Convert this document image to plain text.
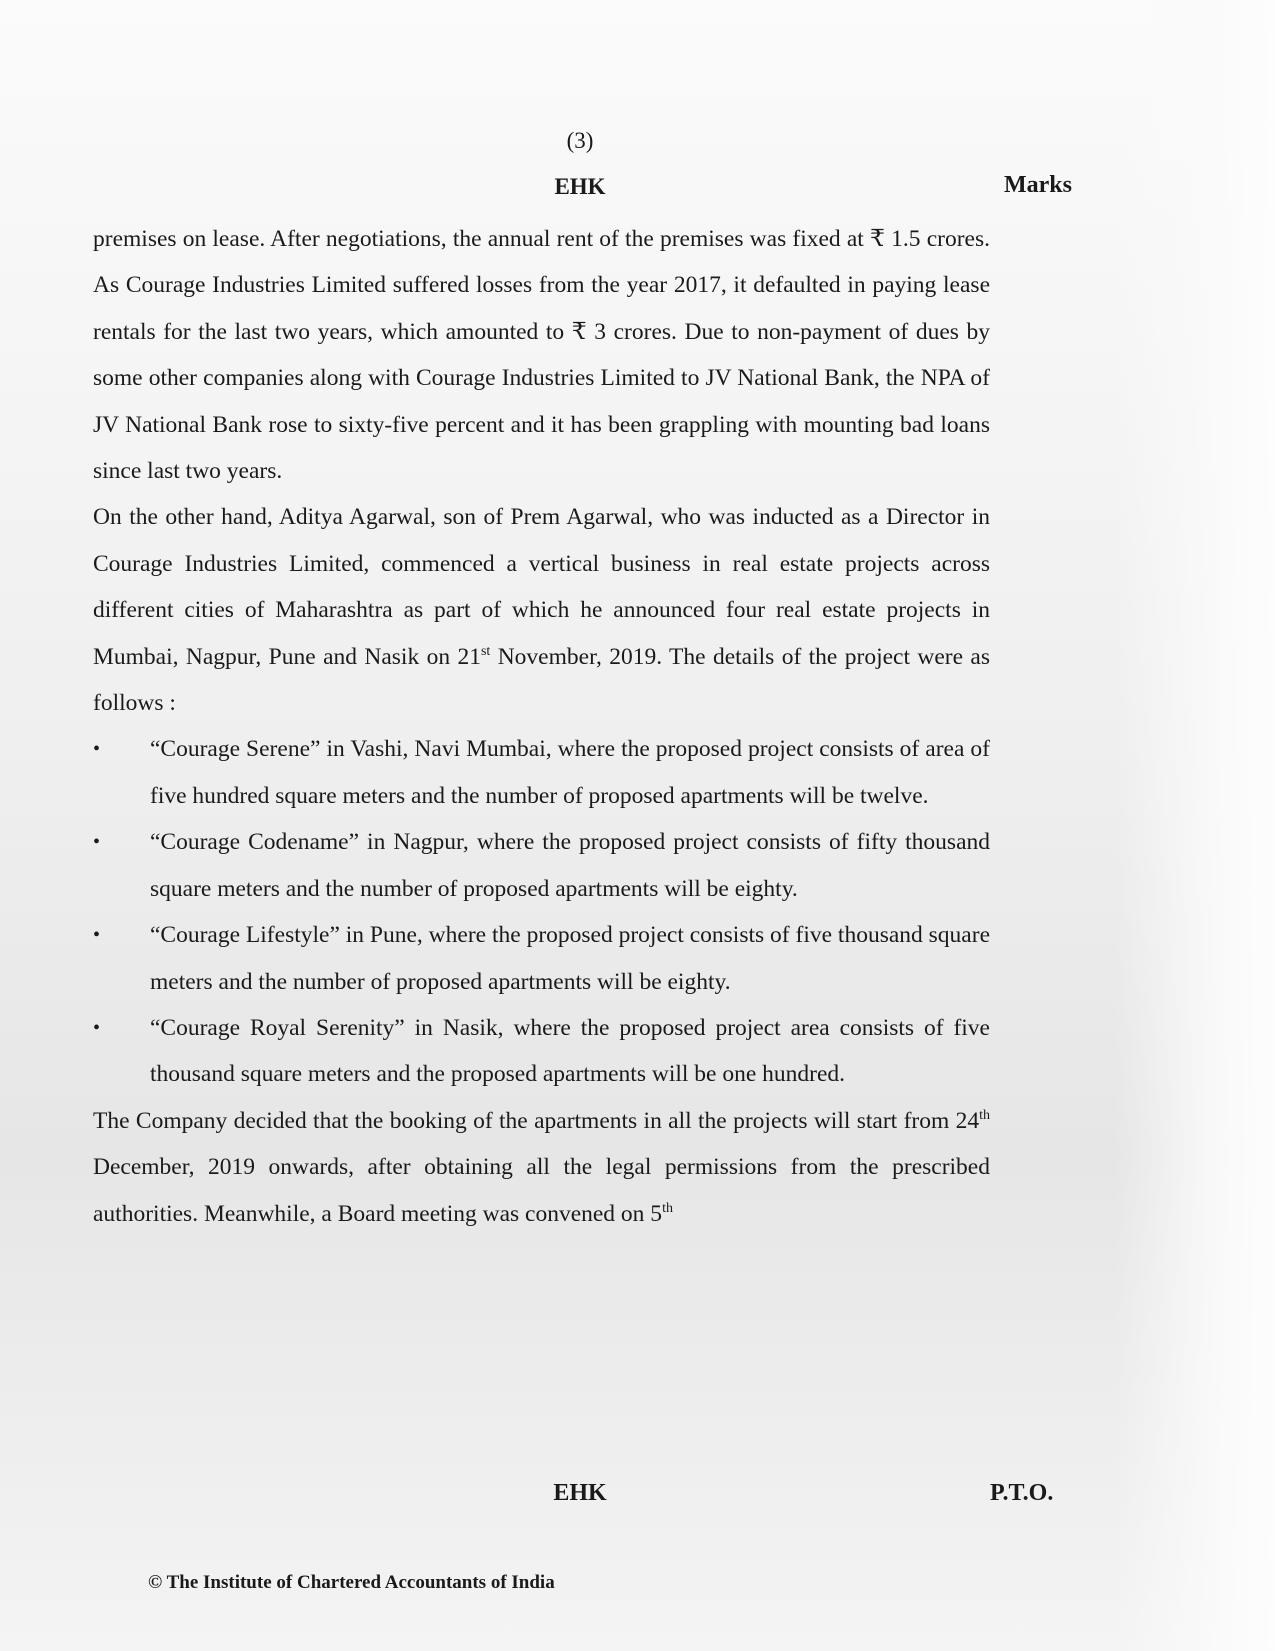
(3)
EHK	Marks

premises on lease. After negotiations, the annual rent of the premises was fixed at ₹ 1.5 crores. As Courage Industries Limited suffered losses from the year 2017, it defaulted in paying lease rentals for the last two years, which amounted to ₹ 3 crores. Due to non-payment of dues by some other companies along with Courage Industries Limited to JV National Bank, the NPA of JV National Bank rose to sixty-five percent and it has been grappling with mounting bad loans since last two years.

On the other hand, Aditya Agarwal, son of Prem Agarwal, who was inducted as a Director in Courage Industries Limited, commenced a vertical business in real estate projects across different cities of Maharashtra as part of which he announced four real estate projects in Mumbai, Nagpur, Pune and Nasik on 21st November, 2019. The details of the project were as follows :

•	“Courage Serene” in Vashi, Navi Mumbai, where the proposed project consists of area of five hundred square meters and the number of proposed apartments will be twelve.
•	“Courage Codename” in Nagpur, where the proposed project consists of fifty thousand square meters and the number of proposed apartments will be eighty.
•	“Courage Lifestyle” in Pune, where the proposed project consists of five thousand square meters and the number of proposed apartments will be eighty.
•	“Courage Royal Serenity” in Nasik, where the proposed project area consists of five thousand square meters and the proposed apartments will be one hundred.

The Company decided that the booking of the apartments in all the projects will start from 24th December, 2019 onwards, after obtaining all the legal permissions from the prescribed authorities. Meanwhile, a Board meeting was convened on 5th

EHK	P.T.O.
© The Institute of Chartered Accountants of India
